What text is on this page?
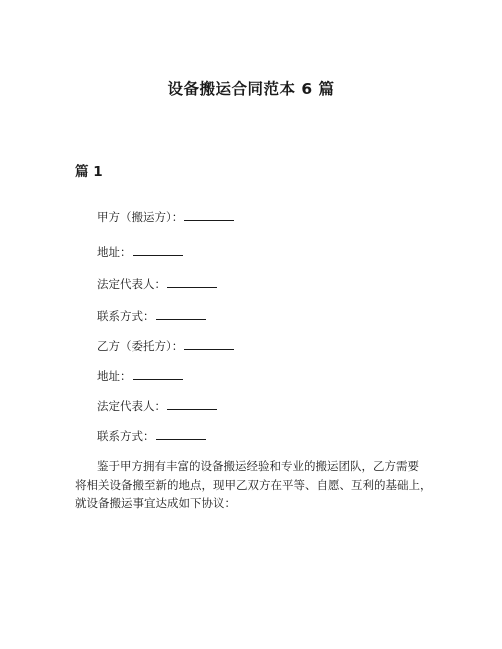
设备搬运合同范本 6 篇
篇 1
甲方（搬运方）：
地址：
法定代表人：
联系方式：
乙方（委托方）：
地址：
法定代表人：
联系方式：
鉴于甲方拥有丰富的设备搬运经验和专业的搬运团队，乙方需要
将相关设备搬至新的地点，现甲乙双方在平等、自愿、互利的基础上，
就设备搬运事宜达成如下协议：
